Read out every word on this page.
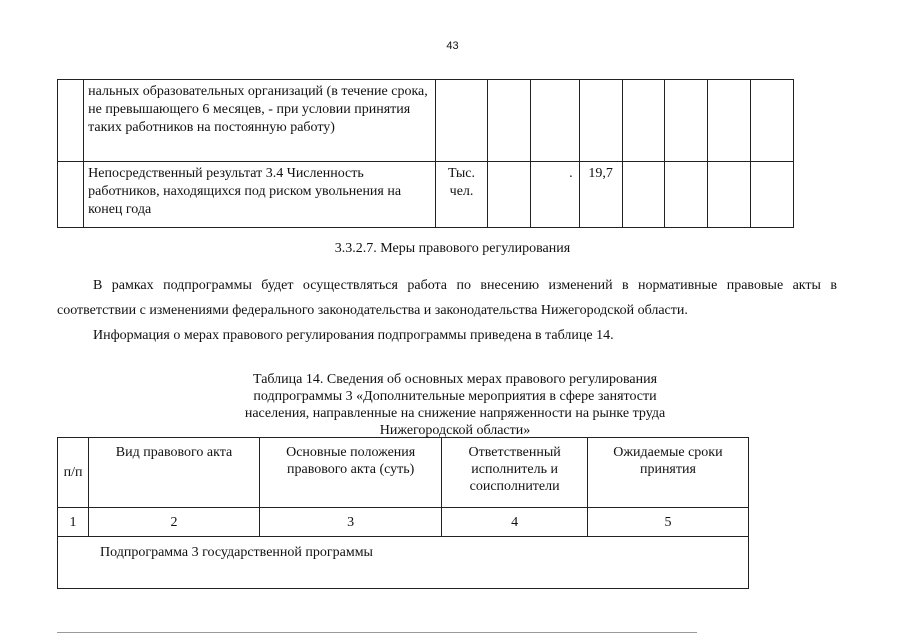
43
	нальных образовательных организаций (в течение срока, не превышающего 6 месяцев, - при условии принятия таких работников на постоянную работу)								
	Непосредственный результат 3.4 Численность работников, находящихся под риском увольнения на конец года	Тыс. чел.		.	19,7				
3.3.2.7. Меры правового регулирования
В рамках подпрограммы будет осуществляться работа по внесению изменений в нормативные правовые акты в соответствии с изменениями федерального законодательства и законодательства Нижегородской области.
Информация о мерах правового регулирования подпрограммы приведена в таблице 14.
Таблица 14. Сведения об основных мерах правового регулирования подпрограммы 3 «Дополнительные мероприятия в сфере занятости населения, направленные на снижение напряженности на рынке труда Нижегородской области»
п/п	Вид правового акта	Основные положения правового акта (суть)	Ответственный исполнитель и соисполнители	Ожидаемые сроки принятия
1	2	3	4	5
Подпрограмма 3 государственной программы				
